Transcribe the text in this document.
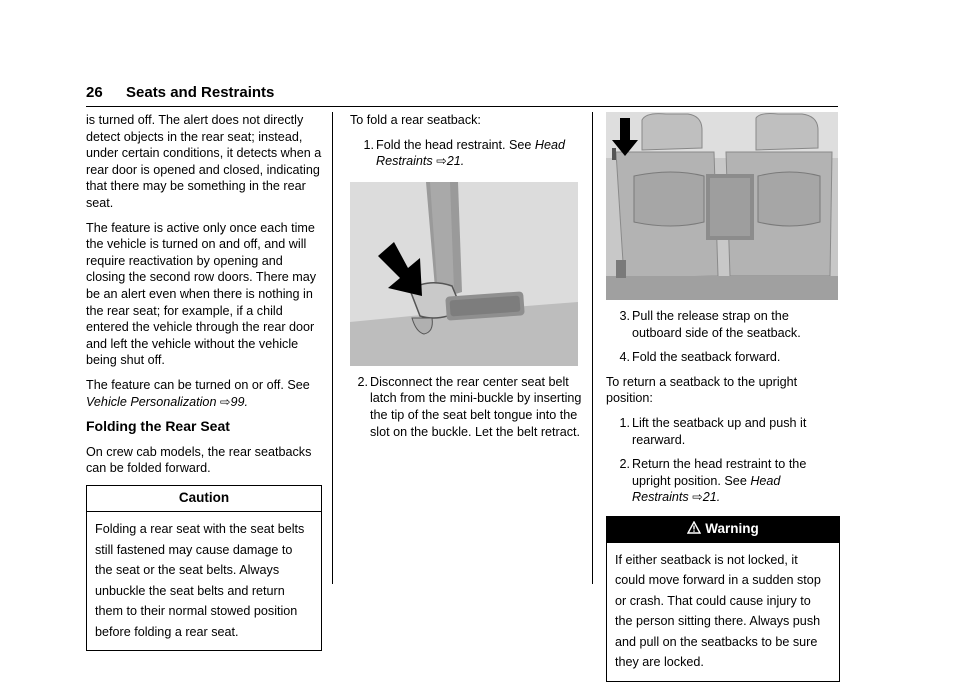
26 Seats and Restraints

is turned off. The alert does not directly detect objects in the rear seat; instead, under certain conditions, it detects when a rear door is opened and closed, indicating that there may be something in the rear seat.

The feature is active only once each time the vehicle is turned on and off, and will require reactivation by opening and closing the second row doors. There may be an alert even when there is nothing in the rear seat; for example, if a child entered the vehicle through the rear door and left the vehicle without the vehicle being shut off.

The feature can be turned on or off. See Vehicle Personalization ⇨99.

Folding the Rear Seat

On crew cab models, the rear seatbacks can be folded forward.

Caution
Folding a rear seat with the seat belts still fastened may cause damage to the seat or the seat belts. Always unbuckle the seat belts and return them to their normal stowed position before folding a rear seat.

To fold a rear seatback:

1. Fold the head restraint. See Head Restraints ⇨21.
2. Disconnect the rear center seat belt latch from the mini-buckle by inserting the tip of the seat belt tongue into the slot on the buckle. Let the belt retract.
3. Pull the release strap on the outboard side of the seatback.
4. Fold the seatback forward.

To return a seatback to the upright position:

1. Lift the seatback up and push it rearward.
2. Return the head restraint to the upright position. See Head Restraints ⇨21.
Warning
If either seatback is not locked, it could move forward in a sudden stop or crash. That could cause injury to the person sitting there. Always push and pull on the seatbacks to be sure they are locked.
